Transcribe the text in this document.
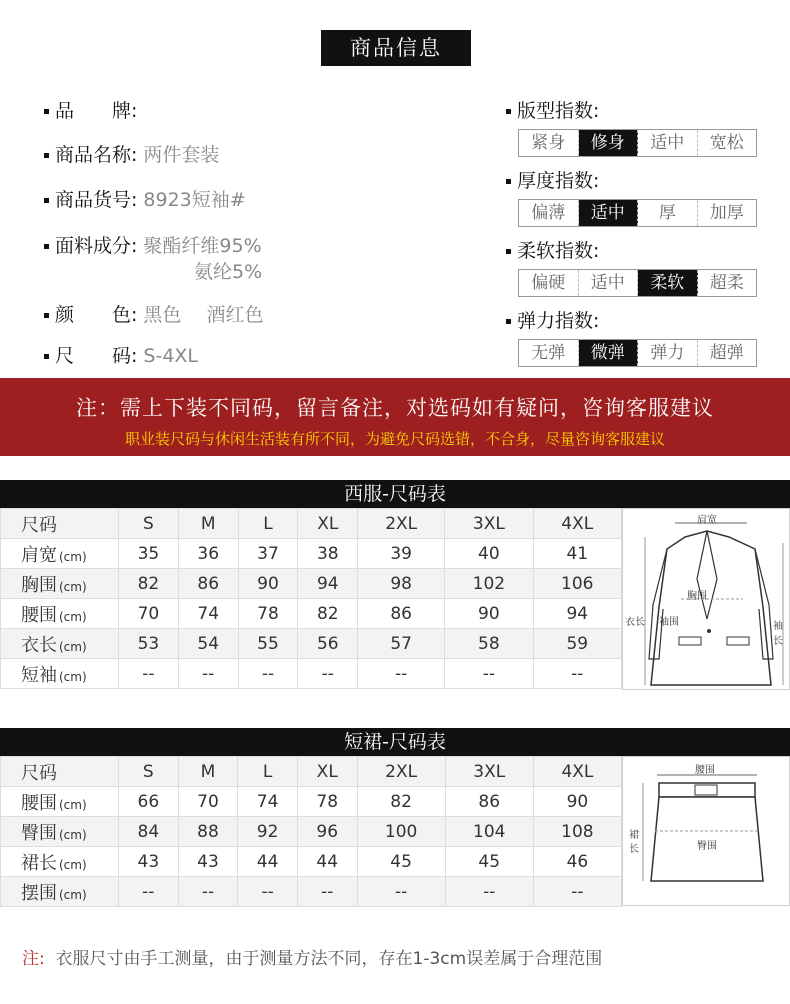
商品信息
品　　牌:
商品名称: 两件套装
商品货号: 8923短袖#
面料成分: 聚酯纤维95%
氨纶5%
颜　　色: 黑色　 酒红色
尺　　码: S-4XL
版型指数:
紧身	修身	适中	宽松
厚度指数:
偏薄	适中	厚	加厚
柔软指数:
偏硬	适中	柔软	超柔
弹力指数:
无弹	微弹	弹力	超弹
注：需上下装不同码，留言备注，对选码如有疑问，咨询客服建议
职业装尺码与休闲生活装有所不同，为避免尺码选错，不合身，尽量咨询客服建议
西服-尺码表
尺码	S	M	L	XL	2XL	3XL	4XL
肩宽 (cm)	35	36	37	38	39	40	41
胸围 (cm)	82	86	90	94	98	102	106
腰围 (cm)	70	74	78	82	86	90	94
衣长 (cm)	53	54	55	56	57	58	59
短袖 (cm)	--	--	--	--	--	--	--
肩宽
胸围
衣长 袖围	袖长
短裙-尺码表
尺码	S	M	L	XL	2XL	3XL	4XL
腰围 (cm)	66	70	74	78	82	86	90
臀围 (cm)	84	88	92	96	100	104	108
裙长 (cm)	43	43	44	44	45	45	46
摆围 (cm)	--	--	--	--	--	--	--
腰围
臀围
裙长
注: 衣服尺寸由手工测量，由于测量方法不同，存在1-3cm误差属于合理范围
